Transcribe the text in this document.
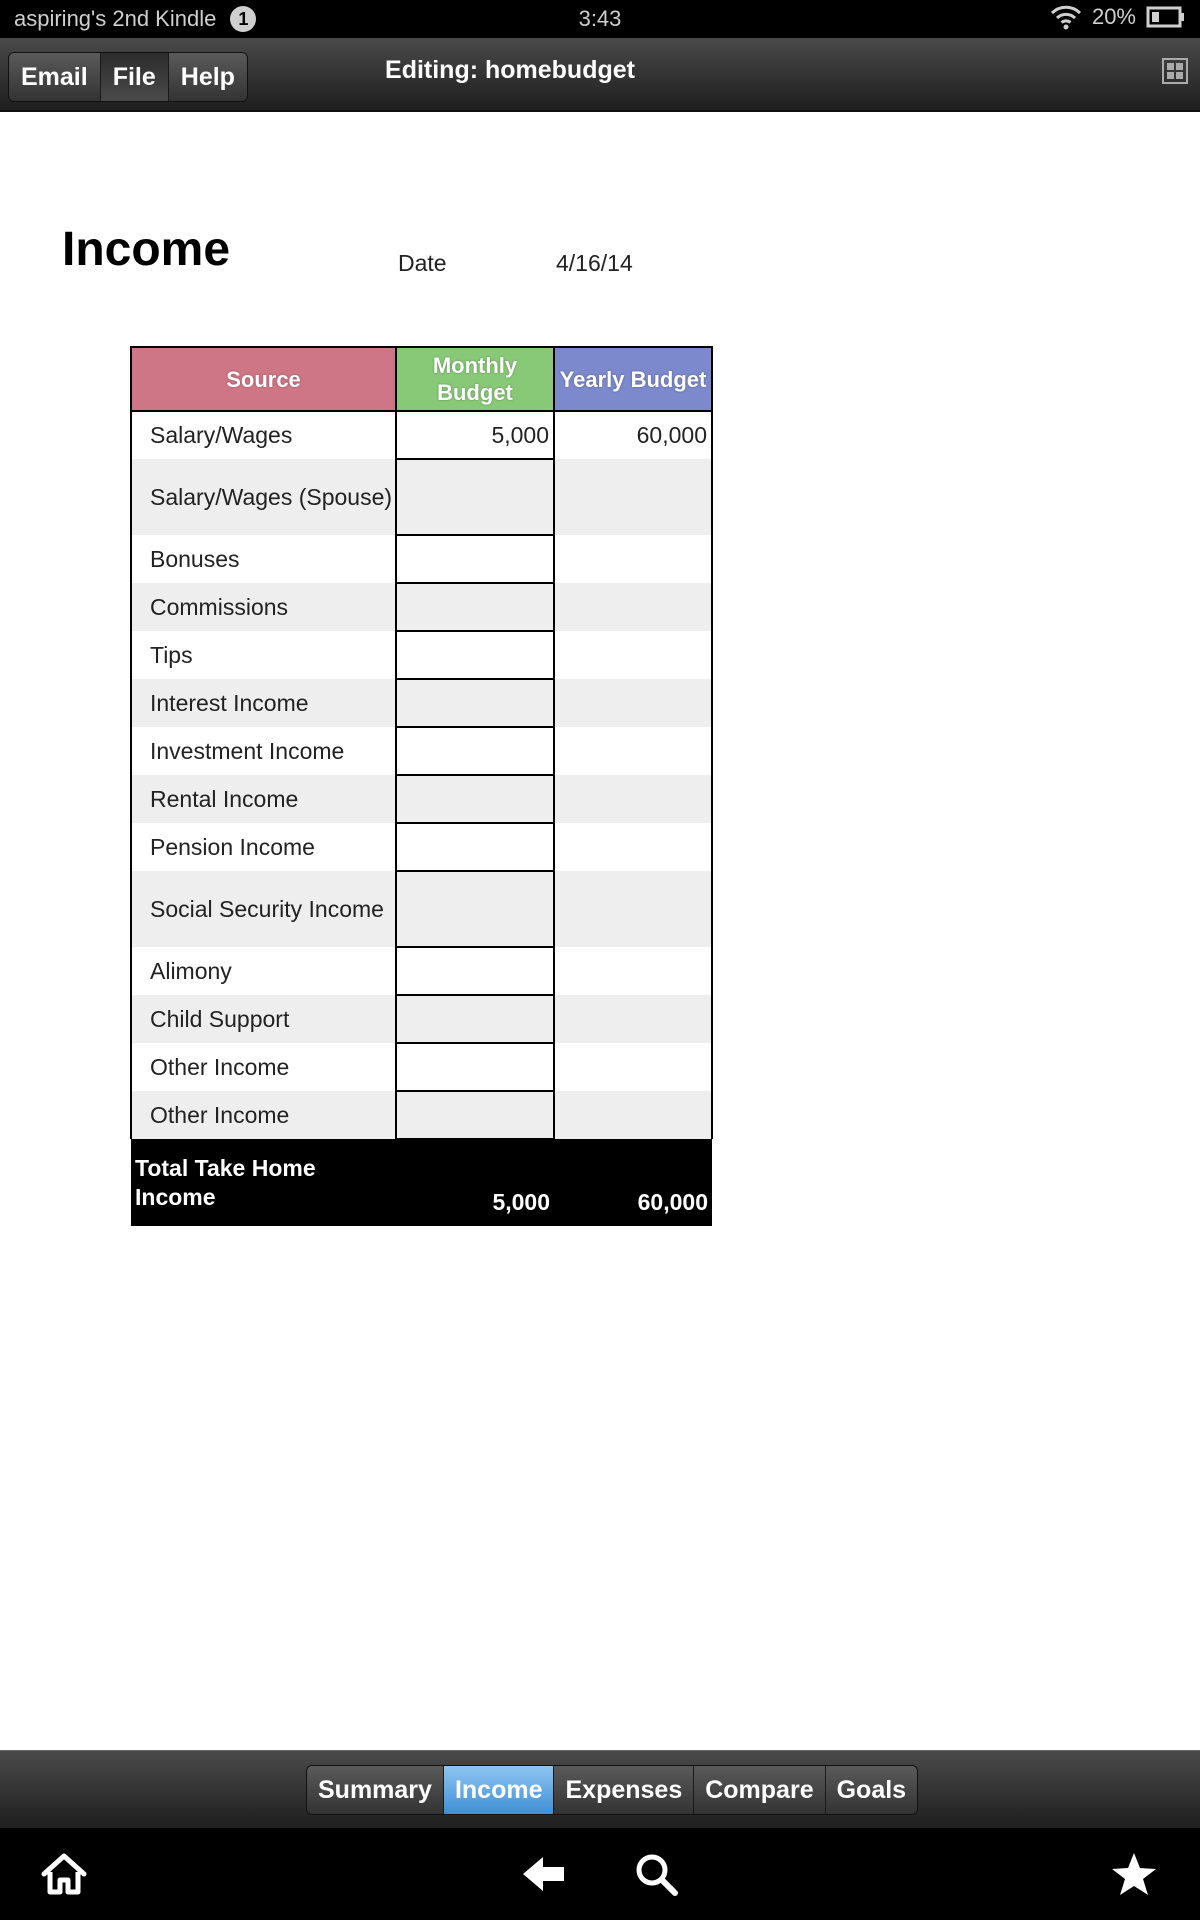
aspiring's 2nd Kindle	1	3:43	20%
Email	File	Help	Editing: homebudget
Income	Date	4/16/14
Source	Monthly Budget	Yearly Budget
Salary/Wages	5,000	60,000
Salary/Wages (Spouse)		
Bonuses		
Commissions		
Tips		
Interest Income		
Investment Income		
Rental Income		
Pension Income		
Social Security Income		
Alimony		
Child Support		
Other Income		
Other Income		
Total Take Home Income	5,000	60,000
Summary Income Expenses Compare Goals
